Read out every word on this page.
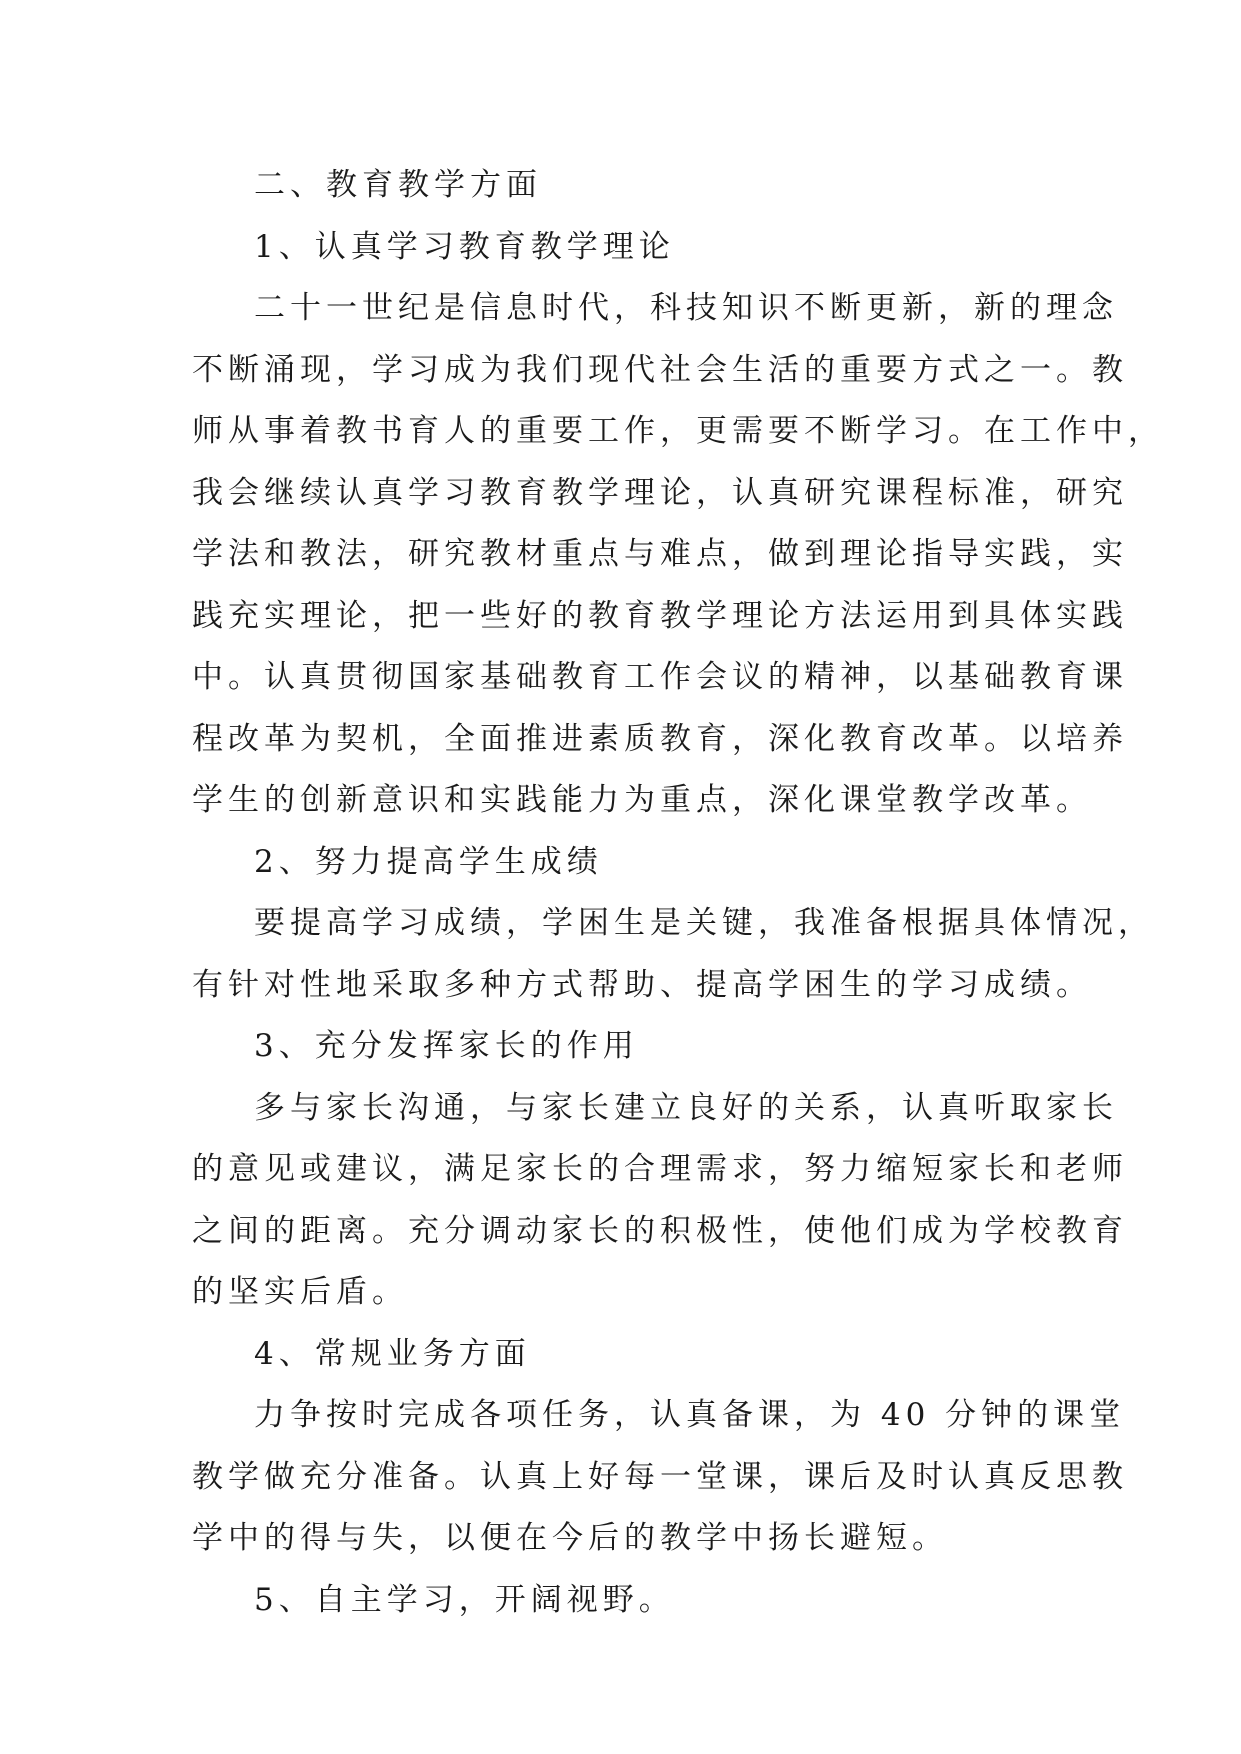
二、教育教学方面
1、认真学习教育教学理论
二十一世纪是信息时代，科技知识不断更新，新的理念
不断涌现，学习成为我们现代社会生活的重要方式之一。教
师从事着教书育人的重要工作，更需要不断学习。在工作中，
我会继续认真学习教育教学理论，认真研究课程标准，研究
学法和教法，研究教材重点与难点，做到理论指导实践，实
践充实理论，把一些好的教育教学理论方法运用到具体实践
中。认真贯彻国家基础教育工作会议的精神，以基础教育课
程改革为契机，全面推进素质教育，深化教育改革。以培养
学生的创新意识和实践能力为重点，深化课堂教学改革。
2、努力提高学生成绩
要提高学习成绩，学困生是关键，我准备根据具体情况，
有针对性地采取多种方式帮助、提高学困生的学习成绩。
3、充分发挥家长的作用
多与家长沟通，与家长建立良好的关系，认真听取家长
的意见或建议，满足家长的合理需求，努力缩短家长和老师
之间的距离。充分调动家长的积极性，使他们成为学校教育
的坚实后盾。
4、常规业务方面
力争按时完成各项任务，认真备课，为 40 分钟的课堂
教学做充分准备。认真上好每一堂课，课后及时认真反思教
学中的得与失，以便在今后的教学中扬长避短。
5、自主学习，开阔视野。
